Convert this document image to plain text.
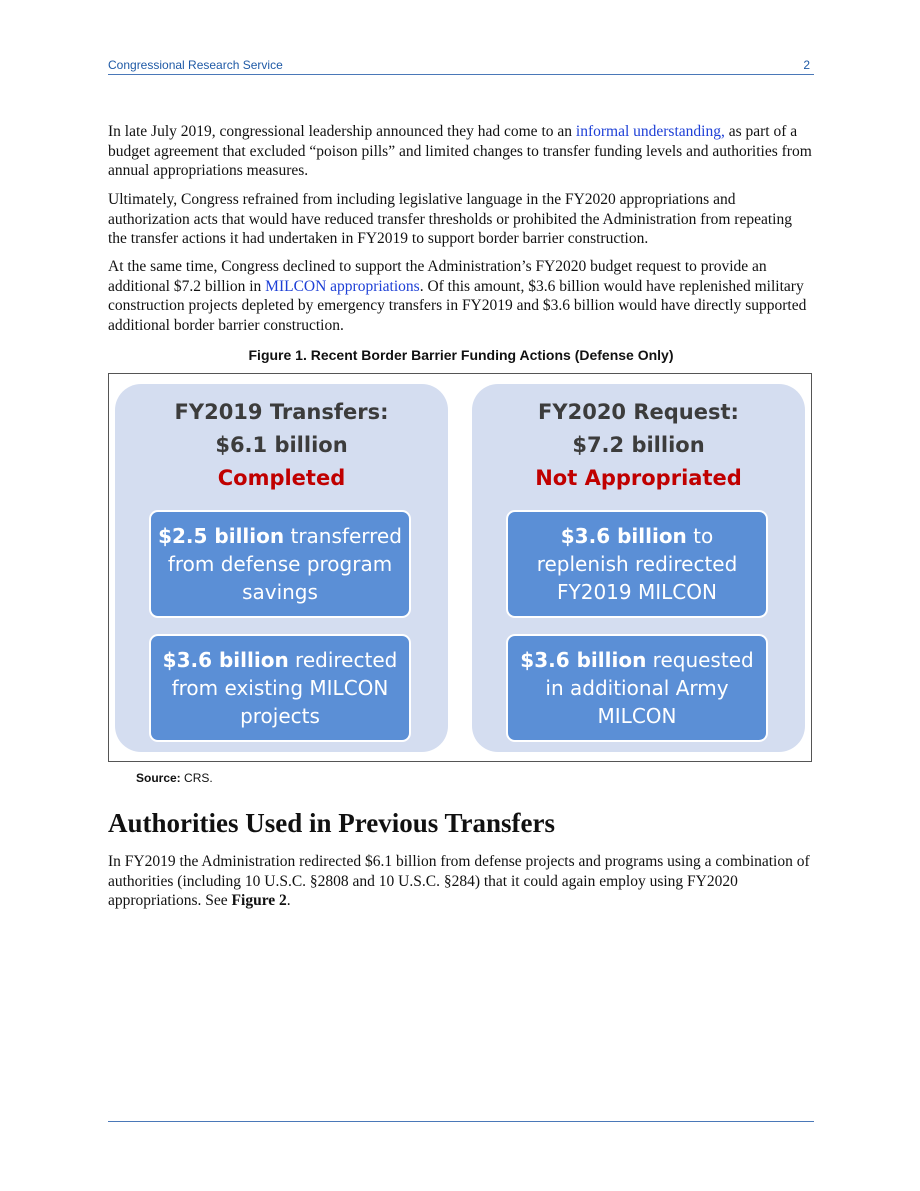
Congressional Research Service	2

In late July 2019, congressional leadership announced they had come to an informal understanding, as part of a budget agreement that excluded “poison pills” and limited changes to transfer funding levels and authorities from annual appropriations measures.

Ultimately, Congress refrained from including legislative language in the FY2020 appropriations and authorization acts that would have reduced transfer thresholds or prohibited the Administration from repeating the transfer actions it had undertaken in FY2019 to support border barrier construction.

At the same time, Congress declined to support the Administration’s FY2020 budget request to provide an additional $7.2 billion in MILCON appropriations. Of this amount, $3.6 billion would have replenished military construction projects depleted by emergency transfers in FY2019 and $3.6 billion would have directly supported additional border barrier construction.

Figure 1. Recent Border Barrier Funding Actions (Defense Only)
FY2019 Transfers:
$6.1 billion
Completed
$2.5 billion transferred from defense program savings
$3.6 billion redirected from existing MILCON projects
FY2020 Request:
$7.2 billion
Not Appropriated
$3.6 billion to replenish redirected FY2019 MILCON
$3.6 billion requested in additional Army MILCON
Source: CRS.
Authorities Used in Previous Transfers

In FY2019 the Administration redirected $6.1 billion from defense projects and programs using a combination of authorities (including 10 U.S.C. §2808 and 10 U.S.C. §284) that it could again employ using FY2020 appropriations. See Figure 2.
